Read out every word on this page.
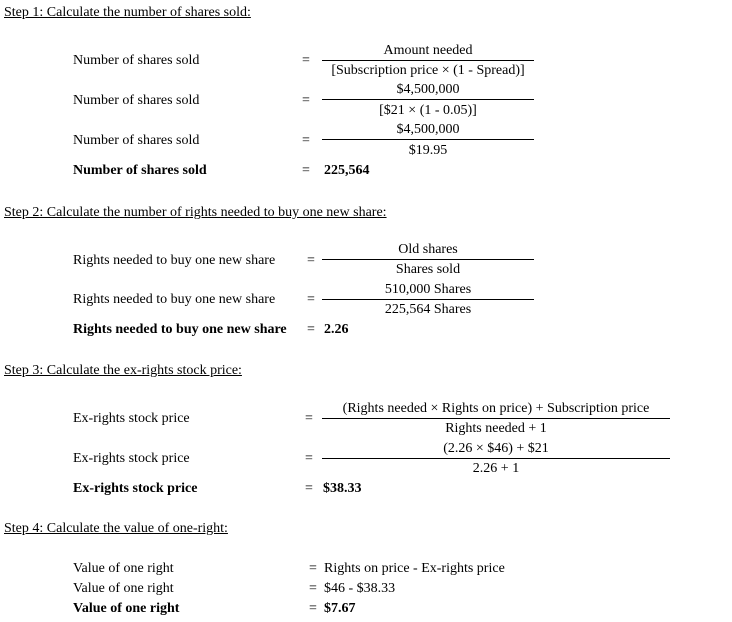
Step 1: Calculate the number of shares sold:
Number of shares sold	=
Amount needed
[Subscription price × (1 - Spread)]
Number of shares sold	=
$4,500,000
[$21 × (1 - 0.05)]
Number of shares sold	=
$4,500,000
$19.95
Number of shares sold	= 225,564
Step 2: Calculate the number of rights needed to buy one new share:
Rights needed to buy one new share =
Old shares
Shares sold
Rights needed to buy one new share =
510,000 Shares
225,564 Shares
Rights needed to buy one new share = 2.26
Step 3: Calculate the ex-rights stock price:
Ex-rights stock price	=
(Rights needed × Rights on price) + Subscription price
Rights needed + 1
Ex-rights stock price	=
(2.26 × $46) + $21
2.26 + 1
Ex-rights stock price	= $38.33
Step 4: Calculate the value of one-right:
Value of one right	= Rights on price - Ex-rights price
Value of one right	= $46 - $38.33
Value of one right	= $7.67
